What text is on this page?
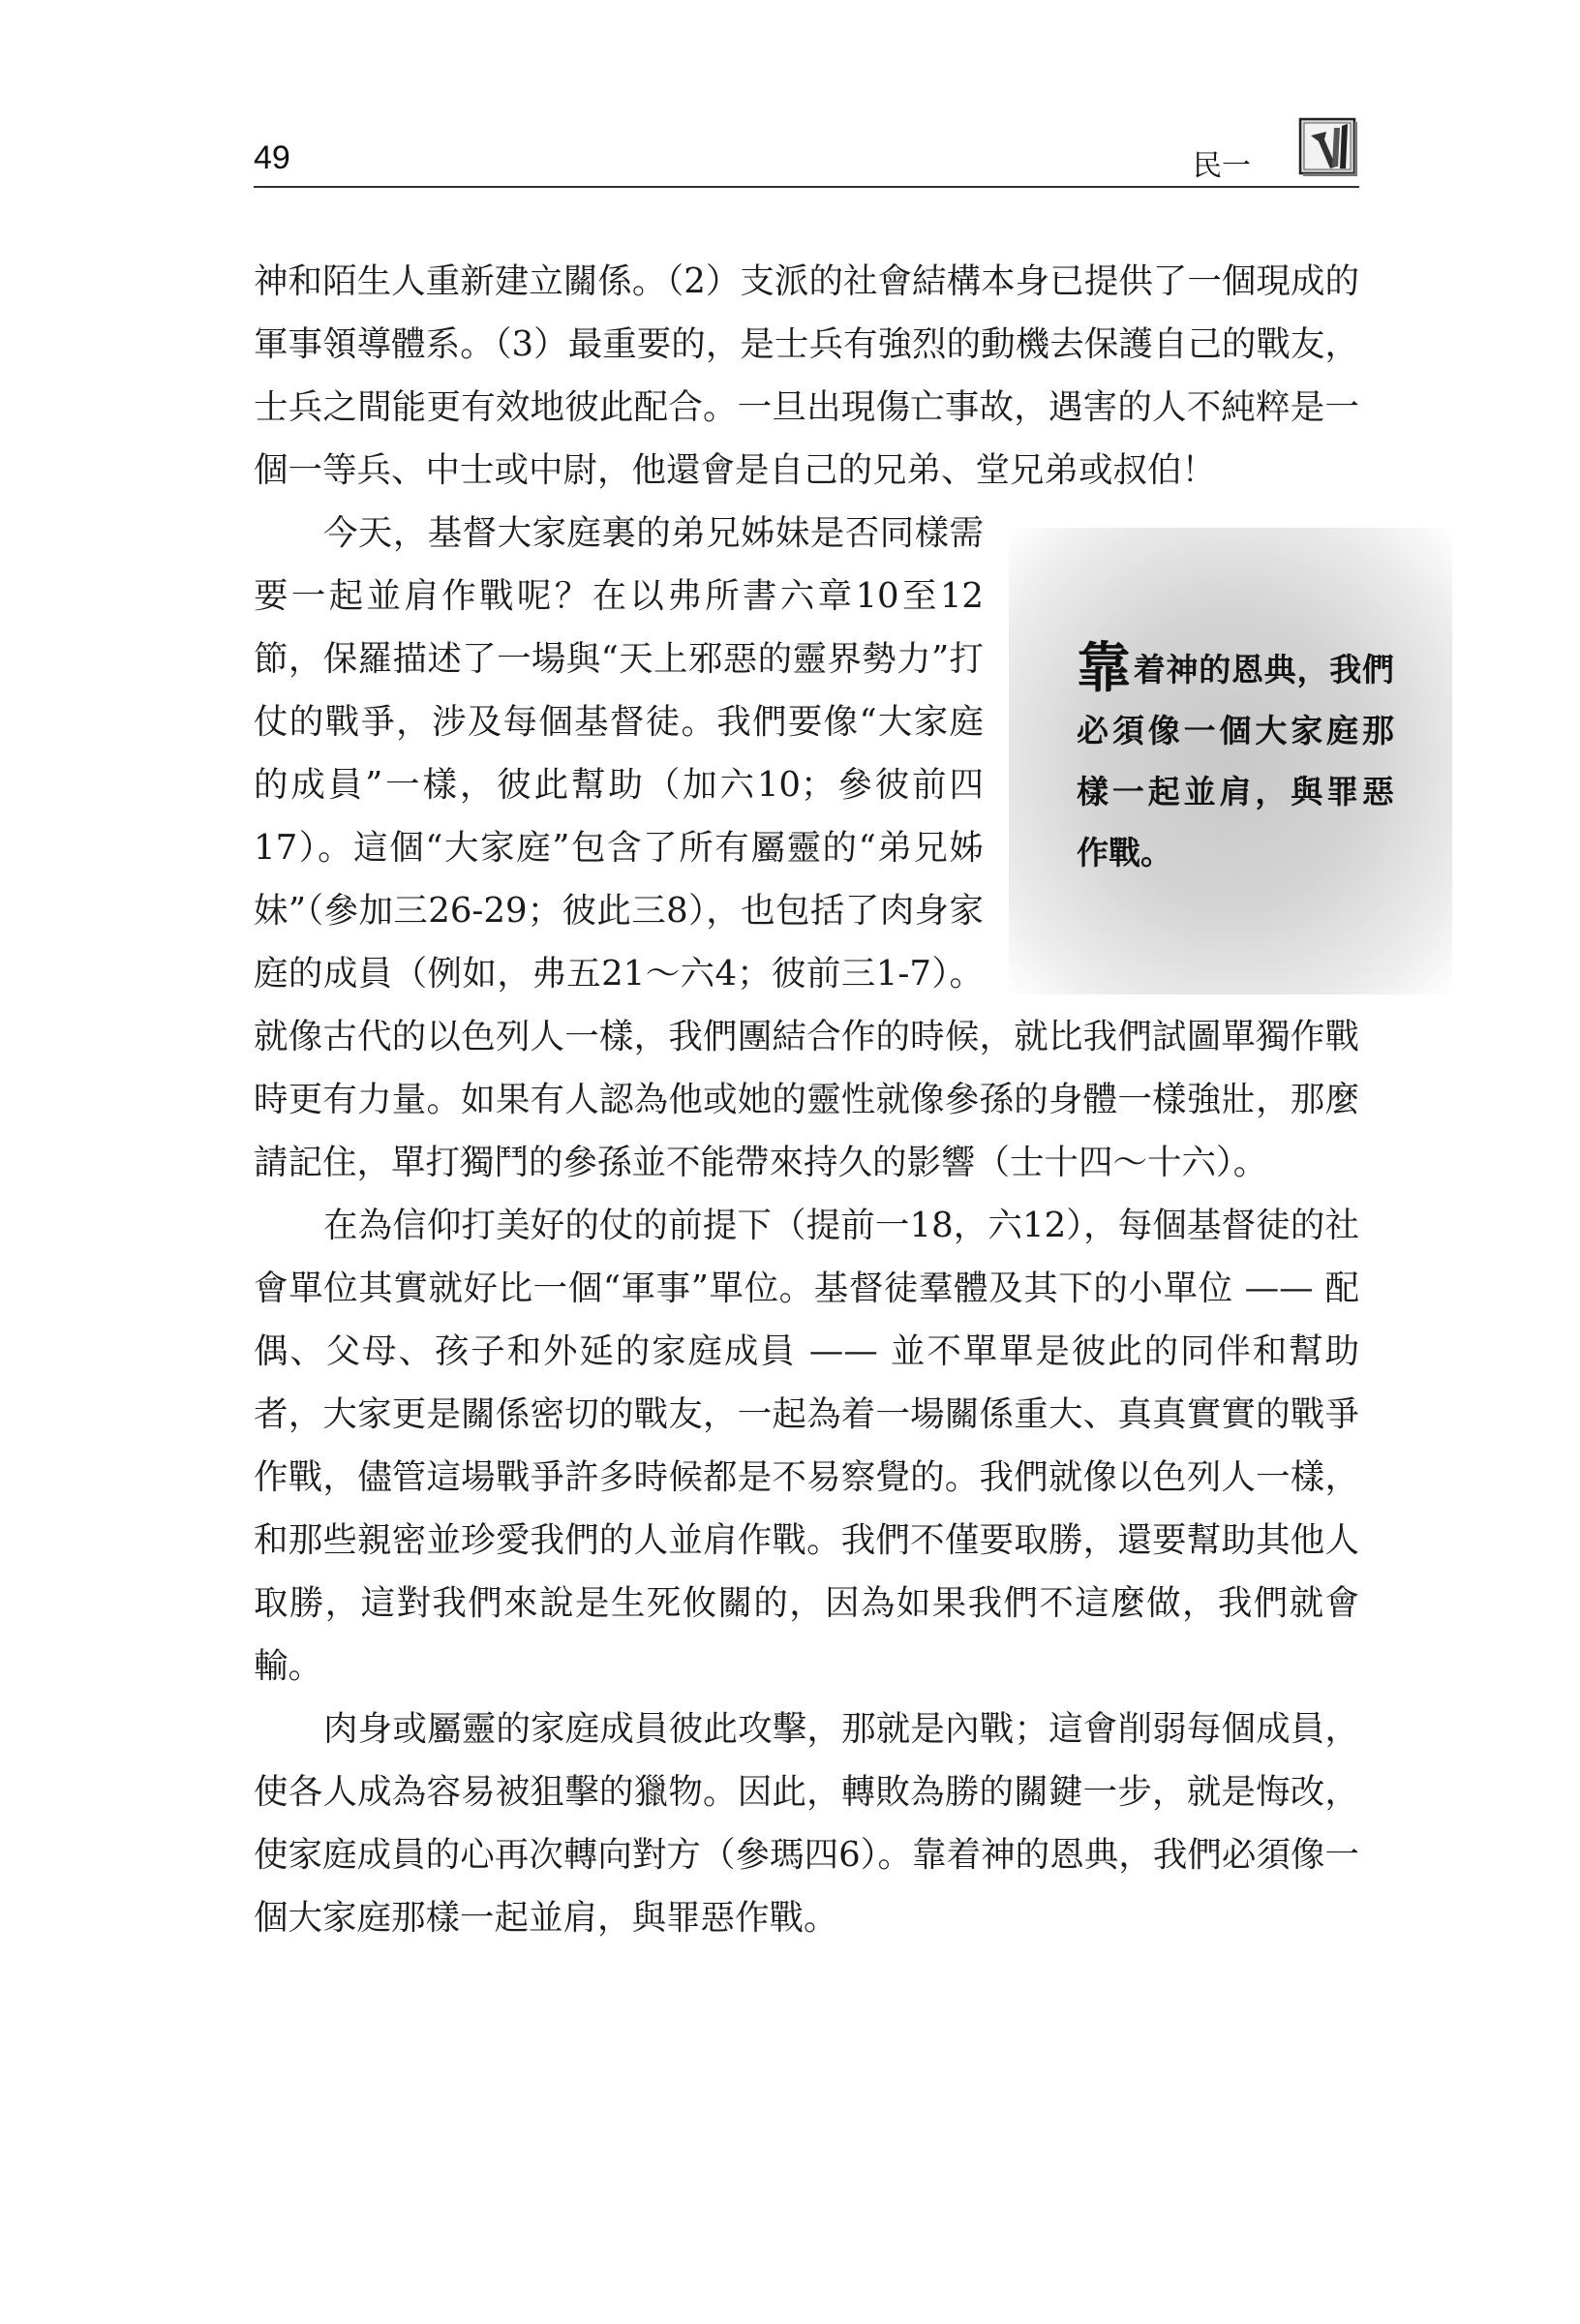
49	民一

神和陌生人重新建立關係。（2）支派的社會結構本身已提供了一個現成的軍事領導體系。（3）最重要的，是士兵有強烈的動機去保護自己的戰友，士兵之間能更有效地彼此配合。一旦出現傷亡事故，遇害的人不純粹是一個一等兵、中士或中尉，他還會是自己的兄弟、堂兄弟或叔伯！

靠着神的恩典，我們必須像一個大家庭那樣一起並肩，與罪惡作戰。
今天，基督大家庭裏的弟兄姊妹是否同樣需要一起並肩作戰呢？在以弗所書六章10至12節，保羅描述了一場與“天上邪惡的靈界勢力”打仗的戰爭，涉及每個基督徒。我們要像“大家庭的成員”一樣，彼此幫助（加六10；參彼前四17）。這個“大家庭”包含了所有屬靈的“弟兄姊妹”（參加三26-29；彼此三8），也包括了肉身家庭的成員（例如，弗五21～六4；彼前三1-7）。就像古代的以色列人一樣，我們團結合作的時候，就比我們試圖單獨作戰時更有力量。如果有人認為他或她的靈性就像參孫的身體一樣強壯，那麼請記住，單打獨鬥的參孫並不能帶來持久的影響（士十四～十六）。

在為信仰打美好的仗的前提下（提前一18，六12），每個基督徒的社會單位其實就好比一個“軍事”單位。基督徒羣體及其下的小單位 —— 配偶、父母、孩子和外延的家庭成員 —— 並不單單是彼此的同伴和幫助者，大家更是關係密切的戰友，一起為着一場關係重大、真真實實的戰爭作戰，儘管這場戰爭許多時候都是不易察覺的。我們就像以色列人一樣，和那些親密並珍愛我們的人並肩作戰。我們不僅要取勝，還要幫助其他人取勝，這對我們來說是生死攸關的，因為如果我們不這麼做，我們就會輸。

肉身或屬靈的家庭成員彼此攻擊，那就是內戰；這會削弱每個成員，使各人成為容易被狙擊的獵物。因此，轉敗為勝的關鍵一步，就是悔改，使家庭成員的心再次轉向對方（參瑪四6）。靠着神的恩典，我們必須像一個大家庭那樣一起並肩，與罪惡作戰。
